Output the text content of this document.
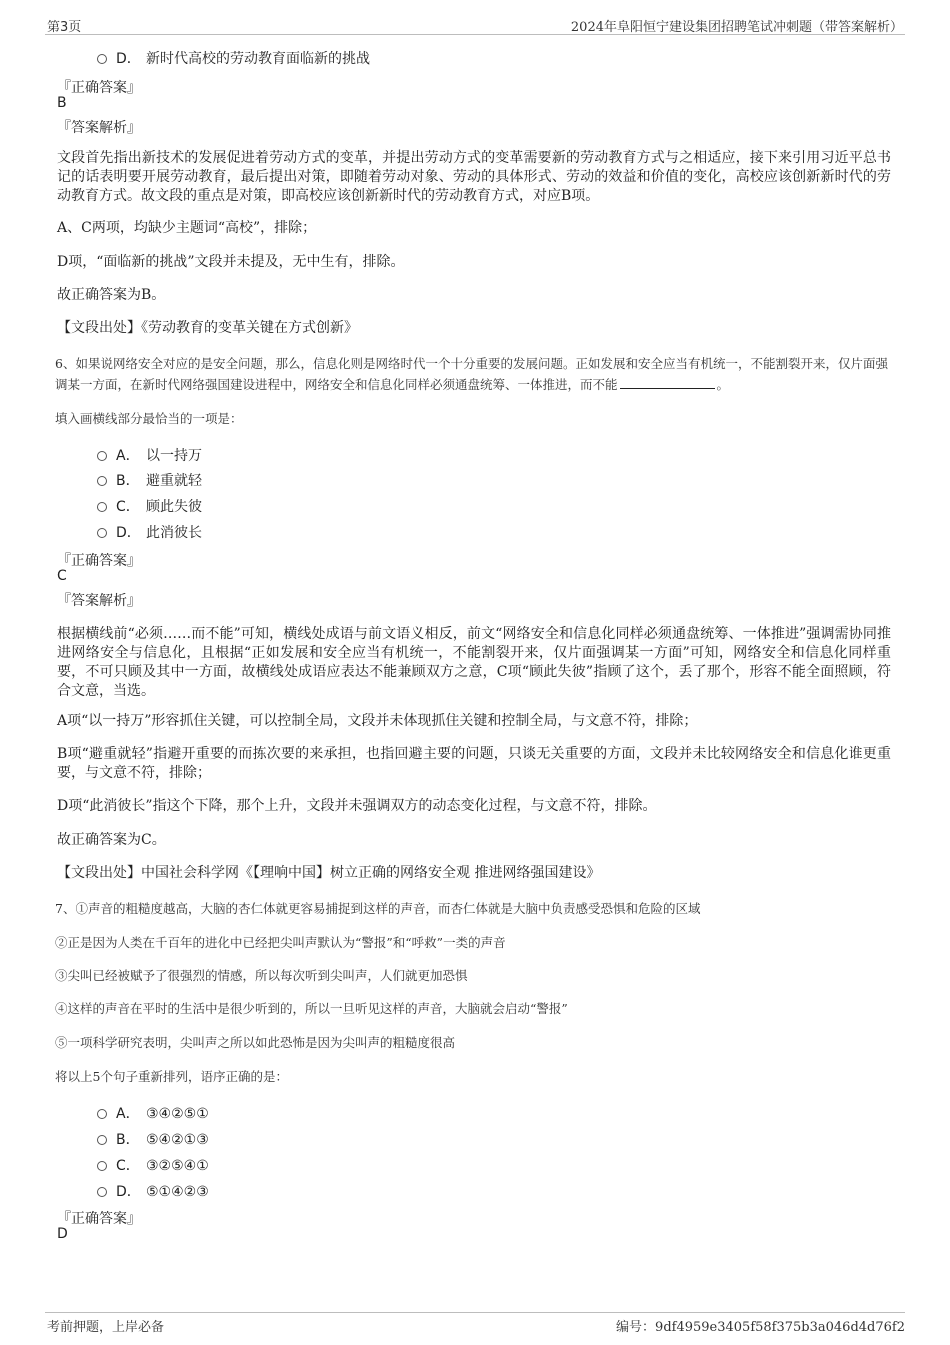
第3页	2024年阜阳恒宁建设集团招聘笔试冲刺题（带答案解析）
D． 新时代高校的劳动教育面临新的挑战
『正确答案』
B
『答案解析』
文段首先指出新技术的发展促进着劳动方式的变革，并提出劳动方式的变革需要新的劳动教育方式与之相适应，接下来引用习近平总书记的话表明要开展劳动教育，最后提出对策，即随着劳动对象、劳动的具体形式、劳动的效益和价值的变化，高校应该创新新时代的劳动教育方式。故文段的重点是对策，即高校应该创新新时代的劳动教育方式，对应B项。
A、C两项，均缺少主题词“高校”，排除；
D项，“面临新的挑战”文段并未提及，无中生有，排除。
故正确答案为B。
【文段出处】《劳动教育的变革关键在方式创新》
6、如果说网络安全对应的是安全问题，那么，信息化则是网络时代一个十分重要的发展问题。正如发展和安全应当有机统一，不能割裂开来，仅片面强调某一方面，在新时代网络强国建设进程中，网络安全和信息化同样必须通盘统筹、一体推进，而不能	。
填入画横线部分最恰当的一项是：
A． 以一持万
B． 避重就轻
C． 顾此失彼
D． 此消彼长
『正确答案』
C
『答案解析』
根据横线前“必须……而不能”可知，横线处成语与前文语义相反，前文“网络安全和信息化同样必须通盘统筹、一体推进”强调需协同推进网络安全与信息化，且根据“正如发展和安全应当有机统一，不能割裂开来，仅片面强调某一方面”可知，网络安全和信息化同样重要，不可只顾及其中一方面，故横线处成语应表达不能兼顾双方之意，C项“顾此失彼”指顾了这个，丢了那个，形容不能全面照顾，符合文意，当选。
A项“以一持万”形容抓住关键，可以控制全局，文段并未体现抓住关键和控制全局，与文意不符，排除；
B项“避重就轻”指避开重要的而拣次要的来承担，也指回避主要的问题，只谈无关重要的方面，文段并未比较网络安全和信息化谁更重要，与文意不符，排除；
D项“此消彼长”指这个下降，那个上升，文段并未强调双方的动态变化过程，与文意不符，排除。
故正确答案为C。
【文段出处】中国社会科学网《【理响中国】树立正确的网络安全观 推进网络强国建设》
7、①声音的粗糙度越高，大脑的杏仁体就更容易捕捉到这样的声音，而杏仁体就是大脑中负责感受恐惧和危险的区域
②正是因为人类在千百年的进化中已经把尖叫声默认为“警报”和“呼救”一类的声音
③尖叫已经被赋予了很强烈的情感，所以每次听到尖叫声，人们就更加恐惧
④这样的声音在平时的生活中是很少听到的，所以一旦听见这样的声音，大脑就会启动“警报”
⑤一项科学研究表明，尖叫声之所以如此恐怖是因为尖叫声的粗糙度很高
将以上5个句子重新排列，语序正确的是：
A． ③④②⑤①
B． ⑤④②①③
C． ③②⑤④①
D． ⑤①④②③
『正确答案』
D
考前押题，上岸必备	编号：9df4959e3405f58f375b3a046d4d76f2
